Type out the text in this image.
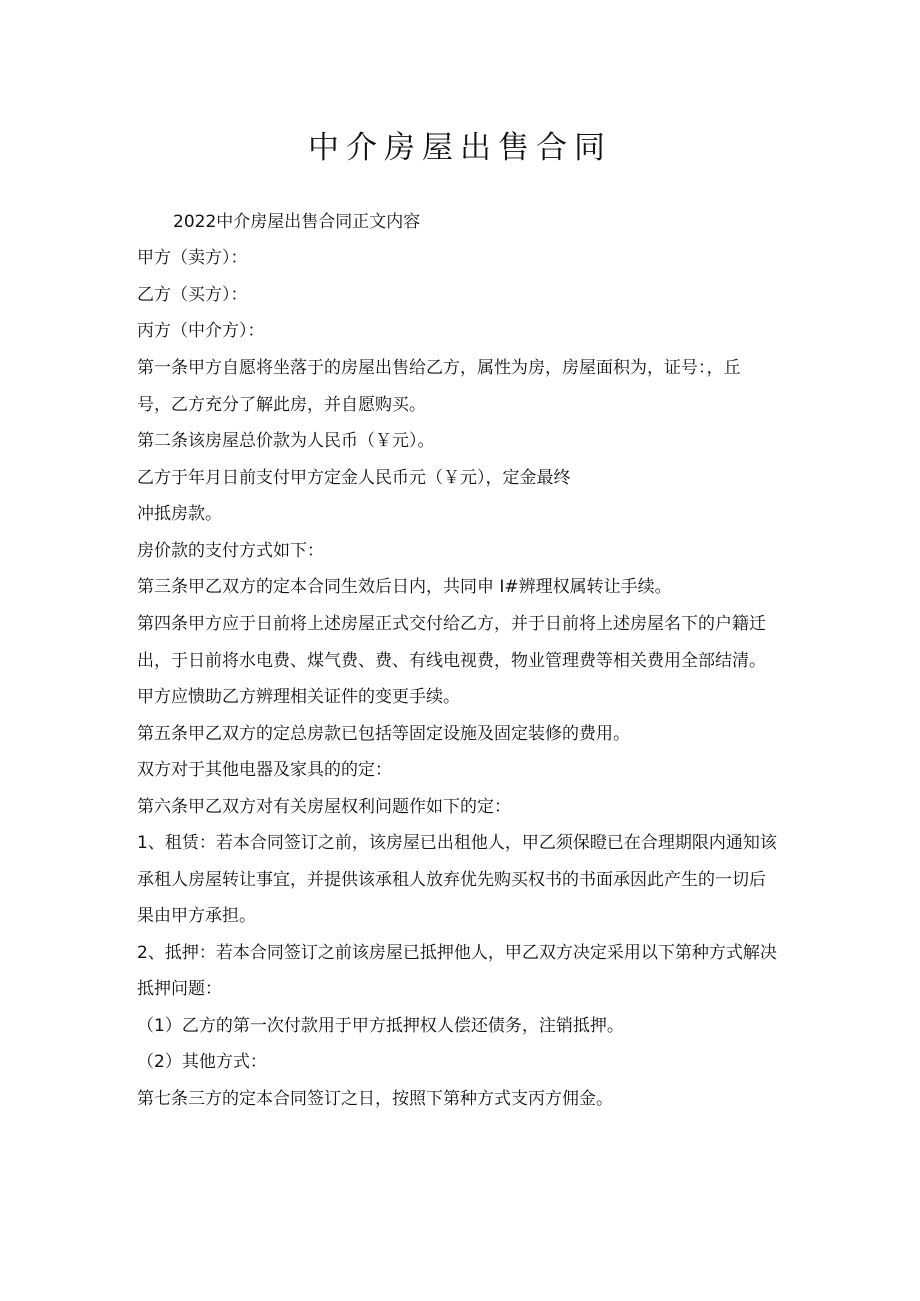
中介房屋出售合同

2022中介房屋出售合同正文内容

甲方（卖方）：

乙方（买方）：

丙方（中介方）：

第一条甲方自愿将坐落于的房屋出售给乙方，属性为房，房屋面积为，证号：，丘

号，乙方充分了解此房，并自愿购买。

第二条该房屋总价款为人民币（￥元）。

乙方于年月日前支付甲方定金人民币元（￥元），定金最终

冲抵房款。

房价款的支付方式如下：

第三条甲乙双方的定本合同生效后日内，共同申 I#辨理权属转让手续。

第四条甲方应于日前将上述房屋正式交付给乙方，并于日前将上述房屋名下的户籍迁

出，于日前将水电费、煤气费、费、有线电视费，物业管理费等相关费用全部结清。

甲方应愦助乙方辨理相关证件的变更手续。

第五条甲乙双方的定总房款已包括等固定设施及固定装修的费用。

双方对于其他电器及家具的的定：

第六条甲乙双方对有关房屋权利问题作如下的定：

1、租赁：若本合同签订之前，该房屋已出租他人，甲乙须保瞪已在合理期限内通知该

承租人房屋转让事宜，并提供该承租人放弃优先购买权书的书面承因此产生的一切后

果由甲方承担。

2、抵押：若本合同签订之前该房屋已抵押他人，甲乙双方决定采用以下第种方式解决

抵押问题：

（1）乙方的第一次付款用于甲方抵押权人偿还债务，注销抵押。

（2）其他方式：

第七条三方的定本合同签订之日，按照下第种方式支丙方佣金。
